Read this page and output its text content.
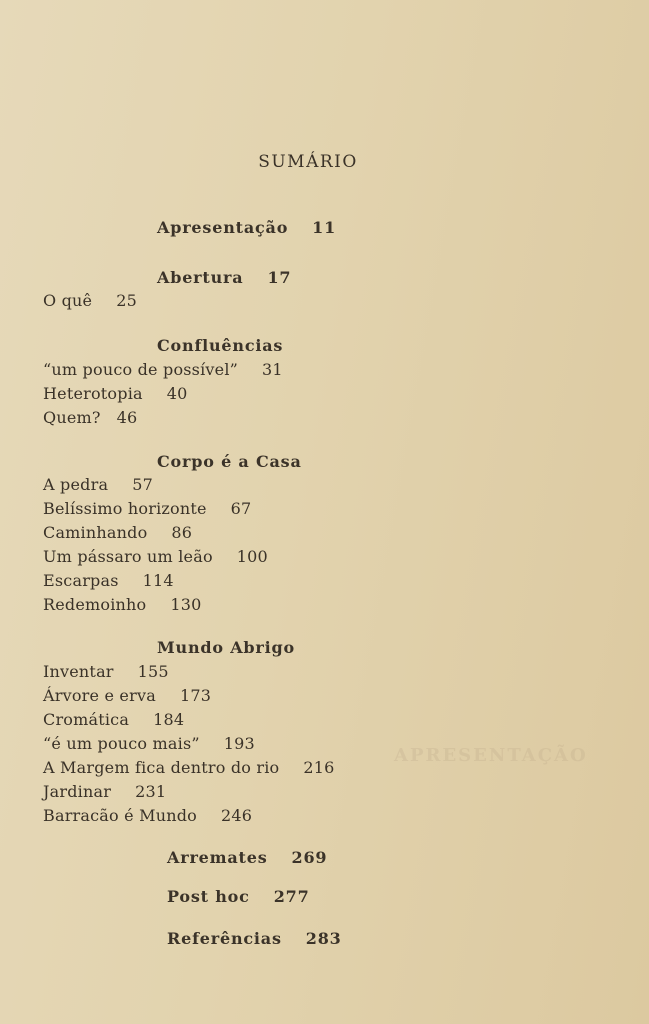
SUMÁRIO
Apresentação 11
Abertura 17
O quê 25
Confluências
“um pouco de possível” 31
Heterotopia 40
Quem? 46
Corpo é a Casa
A pedra 57
Belíssimo horizonte 67
Caminhando 86
Um pássaro um leão 100
Escarpas 114
Redemoinho 130
Mundo Abrigo
Inventar 155
Árvore e erva 173
Cromática 184
“é um pouco mais” 193
A Margem fica dentro do rio 216
Jardinar 231
Barracão é Mundo 246
Arremates 269
Post hoc 277
Referências 283
APRESENTAÇÃO
